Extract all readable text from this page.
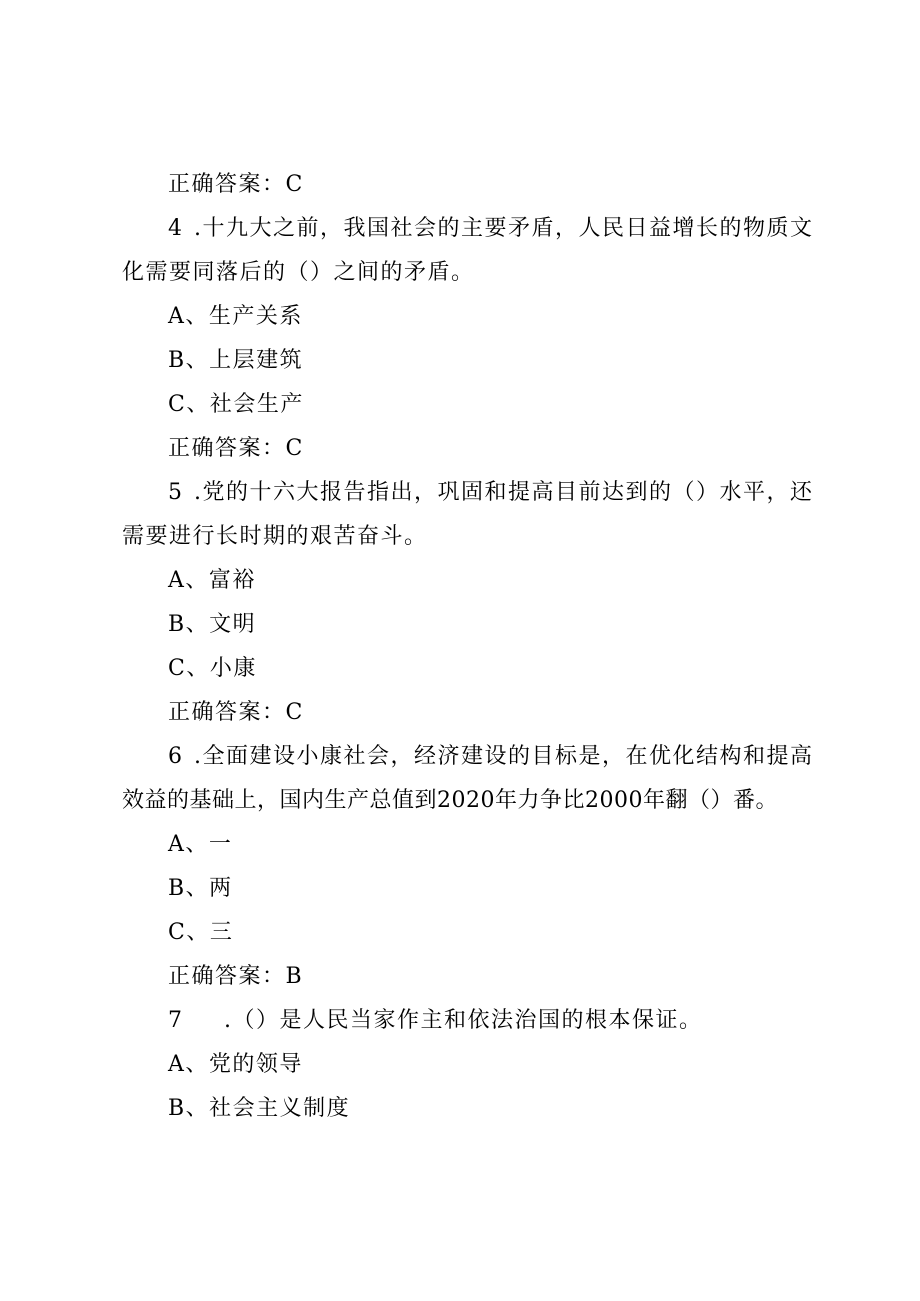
正确答案：C
4 .十九大之前，我国社会的主要矛盾，人民日益增长的物质文
化需要同落后的（）之间的矛盾。
A、生产关系
B、上层建筑
C、社会生产
正确答案：C
5 .党的十六大报告指出，巩固和提高目前达到的（）水平，还
需要进行长时期的艰苦奋斗。
A、富裕
B、文明
C、小康
正确答案：C
6 .全面建设小康社会，经济建设的目标是，在优化结构和提高
效益的基础上，国内生产总值到2020年力争比2000年翻（）番。
A、一
B、两
C、三
正确答案：B
7 .（）是人民当家作主和依法治国的根本保证。
A、党的领导
B、社会主义制度
